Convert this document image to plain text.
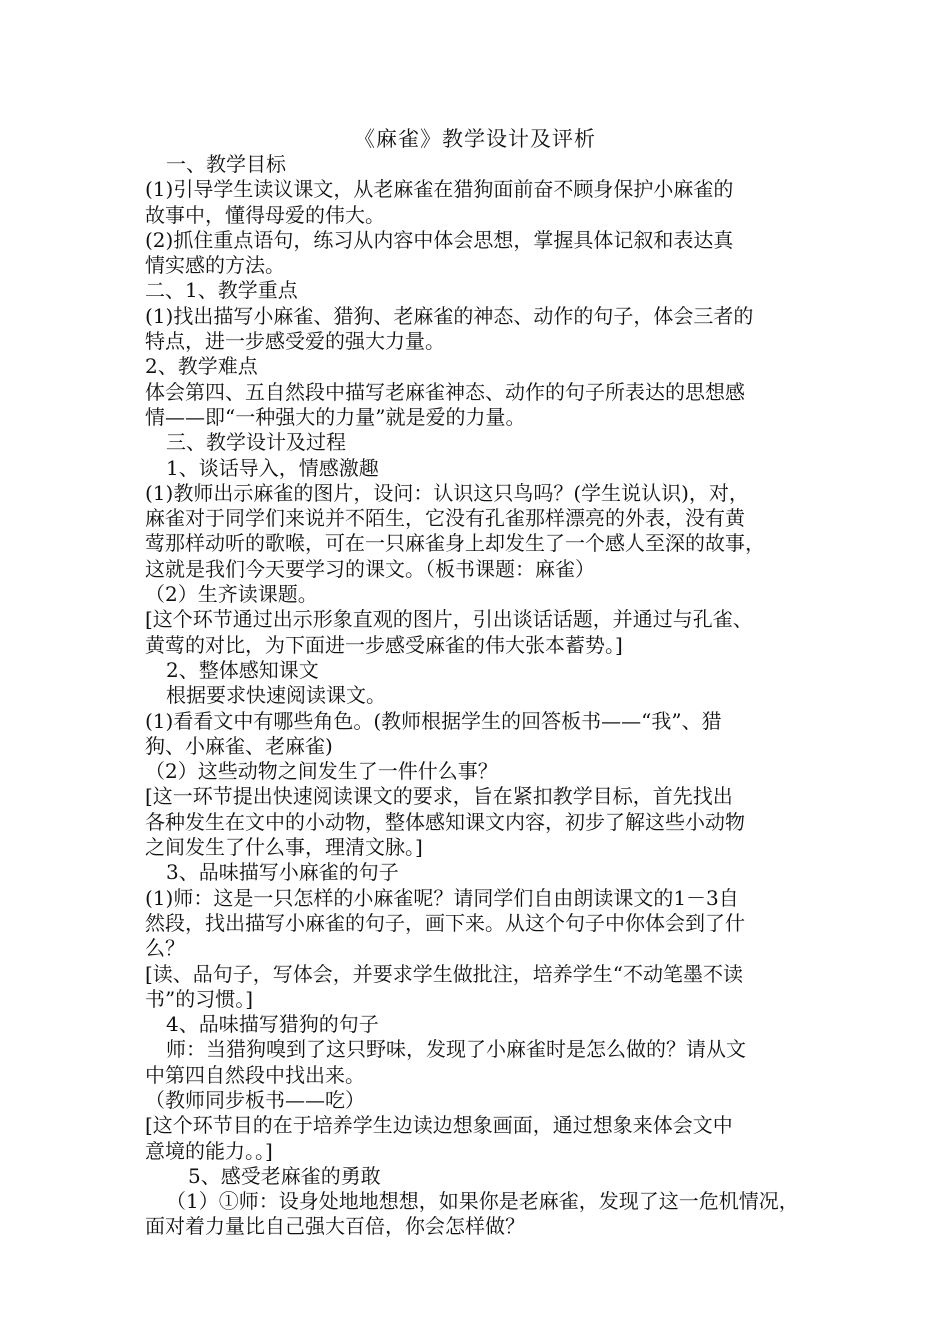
《麻雀》教学设计及评析

一、教学目标

(1)引导学生读议课文，从老麻雀在猎狗面前奋不顾身保护小麻雀的

故事中，懂得母爱的伟大。

(2)抓住重点语句，练习从内容中体会思想，掌握具体记叙和表达真

情实感的方法。

二、1、教学重点

(1)找出描写小麻雀、猎狗、老麻雀的神态、动作的句子，体会三者的

特点，进一步感受爱的强大力量。

2、教学难点

体会第四、五自然段中描写老麻雀神态、动作的句子所表达的思想感

情——即“一种强大的力量”就是爱的力量。

三、教学设计及过程

1、谈话导入，情感激趣

(1)教师出示麻雀的图片，设问：认识这只鸟吗？(学生说认识)，对，

麻雀对于同学们来说并不陌生，它没有孔雀那样漂亮的外表，没有黄

莺那样动听的歌喉，可在一只麻雀身上却发生了一个感人至深的故事，

这就是我们今天要学习的课文。（板书课题：麻雀）

（2）生齐读课题。

[这个环节通过出示形象直观的图片，引出谈话话题，并通过与孔雀、

黄莺的对比，为下面进一步感受麻雀的伟大张本蓄势。]

2、整体感知课文

根据要求快速阅读课文。

(1)看看文中有哪些角色。(教师根据学生的回答板书——“我”、猎

狗、小麻雀、老麻雀)

（2）这些动物之间发生了一件什么事？

[这一环节提出快速阅读课文的要求，旨在紧扣教学目标，首先找出

各种发生在文中的小动物，整体感知课文内容，初步了解这些小动物

之间发生了什么事，理清文脉。]

3、品味描写小麻雀的句子

(1)师：这是一只怎样的小麻雀呢？请同学们自由朗读课文的1－3自

然段，找出描写小麻雀的句子，画下来。从这个句子中你体会到了什

么？

[读、品句子，写体会，并要求学生做批注，培养学生“不动笔墨不读

书”的习惯。]

4、品味描写猎狗的句子

师：当猎狗嗅到了这只野味，发现了小麻雀时是怎么做的？请从文

中第四自然段中找出来。

（教师同步板书——吃）

[这个环节目的在于培养学生边读边想象画面，通过想象来体会文中

意境的能力。。]

5、感受老麻雀的勇敢

（1）①师：设身处地地想想，如果你是老麻雀，发现了这一危机情况，

面对着力量比自己强大百倍，你会怎样做？
